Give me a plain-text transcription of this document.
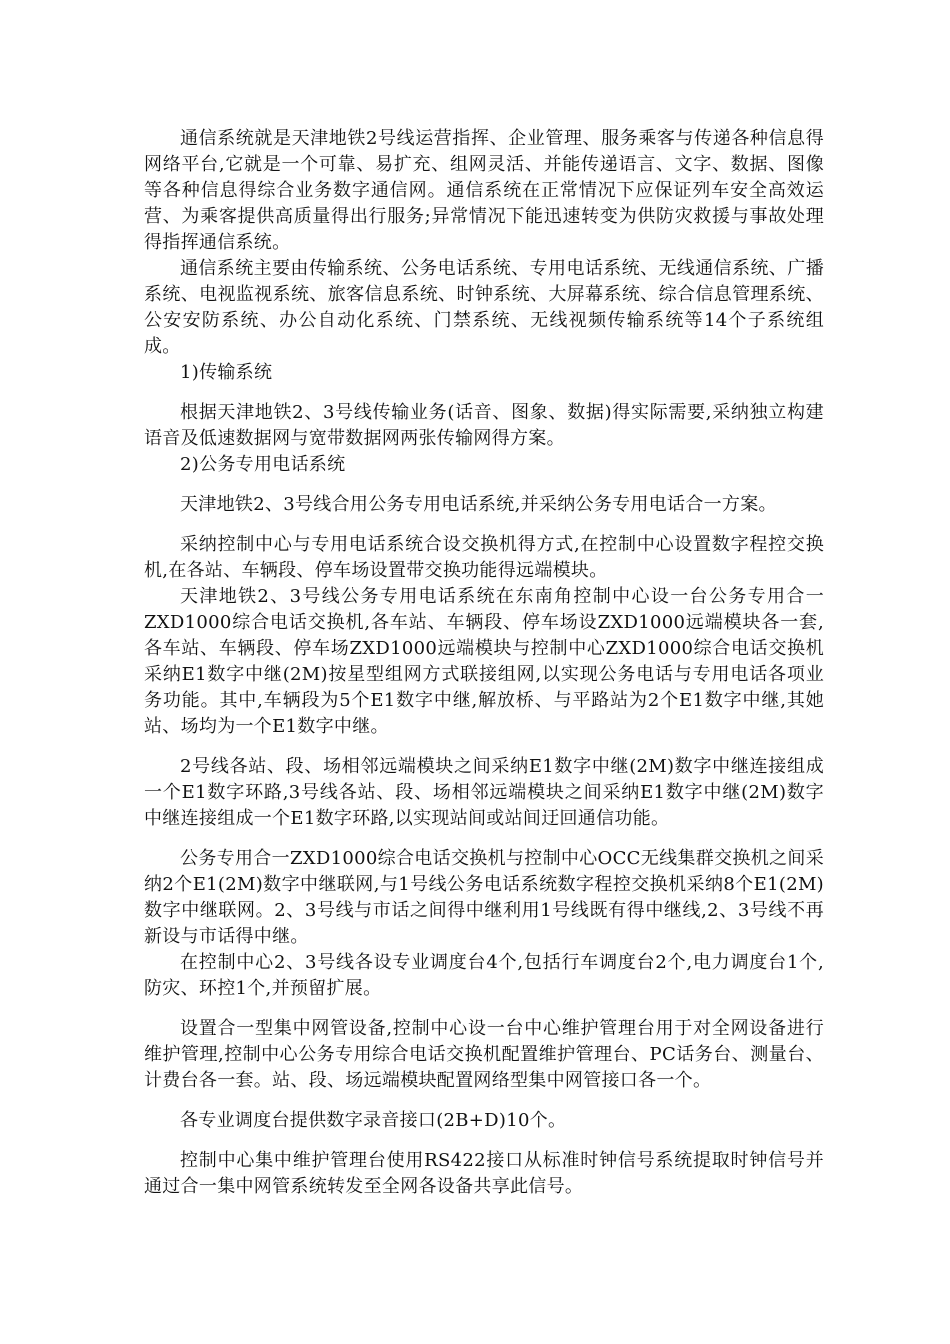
通信系统就是天津地铁2号线运营指挥、企业管理、服务乘客与传递各种信息得网络平台,它就是一个可靠、易扩充、组网灵活、并能传递语言、文字、数据、图像等各种信息得综合业务数字通信网。通信系统在正常情况下应保证列车安全高效运营、为乘客提供高质量得出行服务;异常情况下能迅速转变为供防灾救援与事故处理得指挥通信系统。

通信系统主要由传输系统、公务电话系统、专用电话系统、无线通信系统、广播系统、电视监视系统、旅客信息系统、时钟系统、大屏幕系统、综合信息管理系统、公安安防系统、办公自动化系统、门禁系统、无线视频传输系统等14个子系统组成。

1)传输系统

根据天津地铁2、3号线传输业务(话音、图象、数据)得实际需要,采纳独立构建语音及低速数据网与宽带数据网两张传输网得方案。

2)公务专用电话系统

天津地铁2、3号线合用公务专用电话系统,并采纳公务专用电话合一方案。

采纳控制中心与专用电话系统合设交换机得方式,在控制中心设置数字程控交换机,在各站、车辆段、停车场设置带交换功能得远端模块。

天津地铁2、3号线公务专用电话系统在东南角控制中心设一台公务专用合一ZXD1000综合电话交换机,各车站、车辆段、停车场设ZXD1000远端模块各一套,各车站、车辆段、停车场ZXD1000远端模块与控制中心ZXD1000综合电话交换机采纳E1数字中继(2M)按星型组网方式联接组网,以实现公务电话与专用电话各项业务功能。其中,车辆段为5个E1数字中继,解放桥、与平路站为2个E1数字中继,其她站、场均为一个E1数字中继。

2号线各站、段、场相邻远端模块之间采纳E1数字中继(2M)数字中继连接组成一个E1数字环路,3号线各站、段、场相邻远端模块之间采纳E1数字中继(2M)数字中继连接组成一个E1数字环路,以实现站间或站间迂回通信功能。

公务专用合一ZXD1000综合电话交换机与控制中心OCC无线集群交换机之间采纳2个E1(2M)数字中继联网,与1号线公务电话系统数字程控交换机采纳8个E1(2M)数字中继联网。2、3号线与市话之间得中继利用1号线既有得中继线,2、3号线不再新设与市话得中继。

在控制中心2、3号线各设专业调度台4个,包括行车调度台2个,电力调度台1个,防灾、环控1个,并预留扩展。

设置合一型集中网管设备,控制中心设一台中心维护管理台用于对全网设备进行维护管理,控制中心公务专用综合电话交换机配置维护管理台、PC话务台、测量台、计费台各一套。站、段、场远端模块配置网络型集中网管接口各一个。

各专业调度台提供数字录音接口(2B+D)10个。

控制中心集中维护管理台使用RS422接口从标准时钟信号系统提取时钟信号并通过合一集中网管系统转发至全网各设备共享此信号。
